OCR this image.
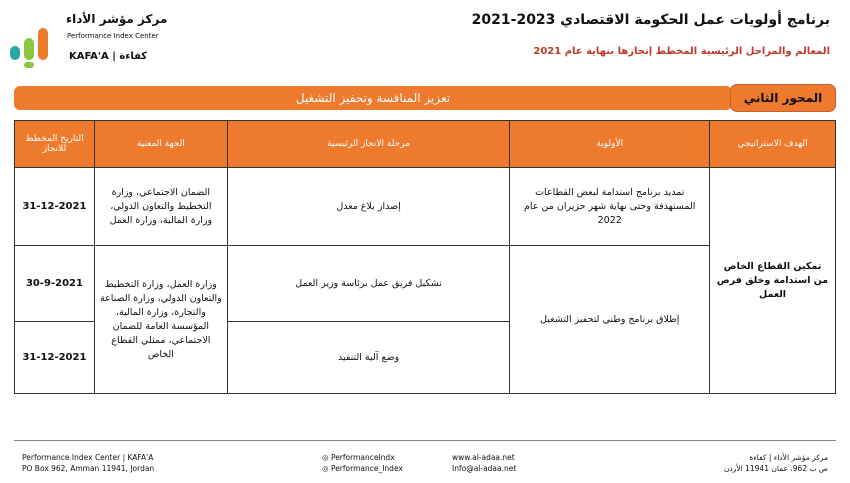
مركز مؤشر الأداء
Performance Index Center
KAFA'A | كفاءة
برنامج أولويات عمل الحكومة الاقتصادي 2023-2021
المعالم والمراحل الرئيسية المخطط إنجازها بنهاية عام 2021
تعزيز المنافسة وتحفيز التشغيل	المحور الثاني
التاريخ المخطط للانجاز	الجهة المعنية	مرحلة الانجاز الرئيسية	الأولوية	الهدف الاستراتيجي
31-12-2021	الضمان الاجتماعي، وزارة التخطيط والتعاون الدولي، وزارة المالية، وزارة العمل	إصدار بلاغ معدل	تمديد برنامج استدامة لبعض القطاعات المستهدفة وحتى نهاية شهر حزيران من عام 2022	تمكين القطاع الخاص من استدامة وخلق فرص العمل
30-9-2021	وزارة العمل، وزارة التخطيط والتعاون الدولي، وزارة الصناعة والتجارة، وزارة المالية، المؤسسة العامة للضمان الاجتماعي، ممثلي القطاع الخاص	تشكيل فريق عمل برئاسة وزير العمل	إطلاق برنامج وطني لتحفيز التشغيل	
31-12-2021		وضع آلية التنفيذ		
Performance Index Center | KAFA'A
PO Box 962, Amman 11941, Jordan
◎ PerformanceIndx
◎ Performance_Index
www.al-adaa.net
Info@al-adaa.net
مركز مؤشر الأداء | كفاءة
ص ب 962، عمان 11941 الأردن
